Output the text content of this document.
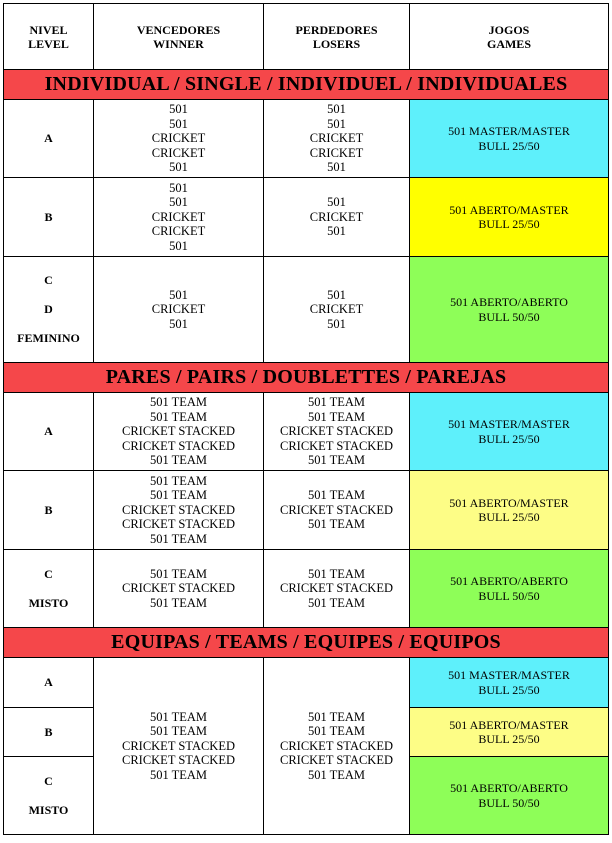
NIVEL
LEVEL	VENCEDORES
WINNER	PERDEDORES
LOSERS	JOGOS
GAMES

INDIVIDUAL / SINGLE / INDIVIDUEL / INDIVIDUALES			

A	501
501
CRICKET
CRICKET
501	501
501
CRICKET
CRICKET
501	501 MASTER/MASTER
BULL 25/50

B	501
501
CRICKET
CRICKET
501	501
CRICKET
501	501 ABERTO/MASTER
BULL 25/50

C
D
FEMININO	501
CRICKET
501	501
CRICKET
501	501 ABERTO/ABERTO
BULL 50/50

PARES / PAIRS / DOUBLETTES / PAREJAS			

A	501 TEAM
501 TEAM
CRICKET STACKED
CRICKET STACKED
501 TEAM	501 TEAM
501 TEAM
CRICKET STACKED
CRICKET STACKED
501 TEAM	501 MASTER/MASTER
BULL 25/50

B	501 TEAM
501 TEAM
CRICKET STACKED
CRICKET STACKED
501 TEAM	501 TEAM
CRICKET STACKED
501 TEAM	501 ABERTO/MASTER
BULL 25/50

C
MISTO	501 TEAM
CRICKET STACKED
501 TEAM	501 TEAM
CRICKET STACKED
501 TEAM	501 ABERTO/ABERTO
BULL 50/50

EQUIPAS / TEAMS / EQUIPES / EQUIPOS			

A	501 TEAM
501 TEAM
CRICKET STACKED
CRICKET STACKED
501 TEAM	501 TEAM
501 TEAM
CRICKET STACKED
CRICKET STACKED
501 TEAM	501 MASTER/MASTER
BULL 25/50

B			501 ABERTO/MASTER
BULL 25/50

C
MISTO			501 ABERTO/ABERTO
BULL 50/50
